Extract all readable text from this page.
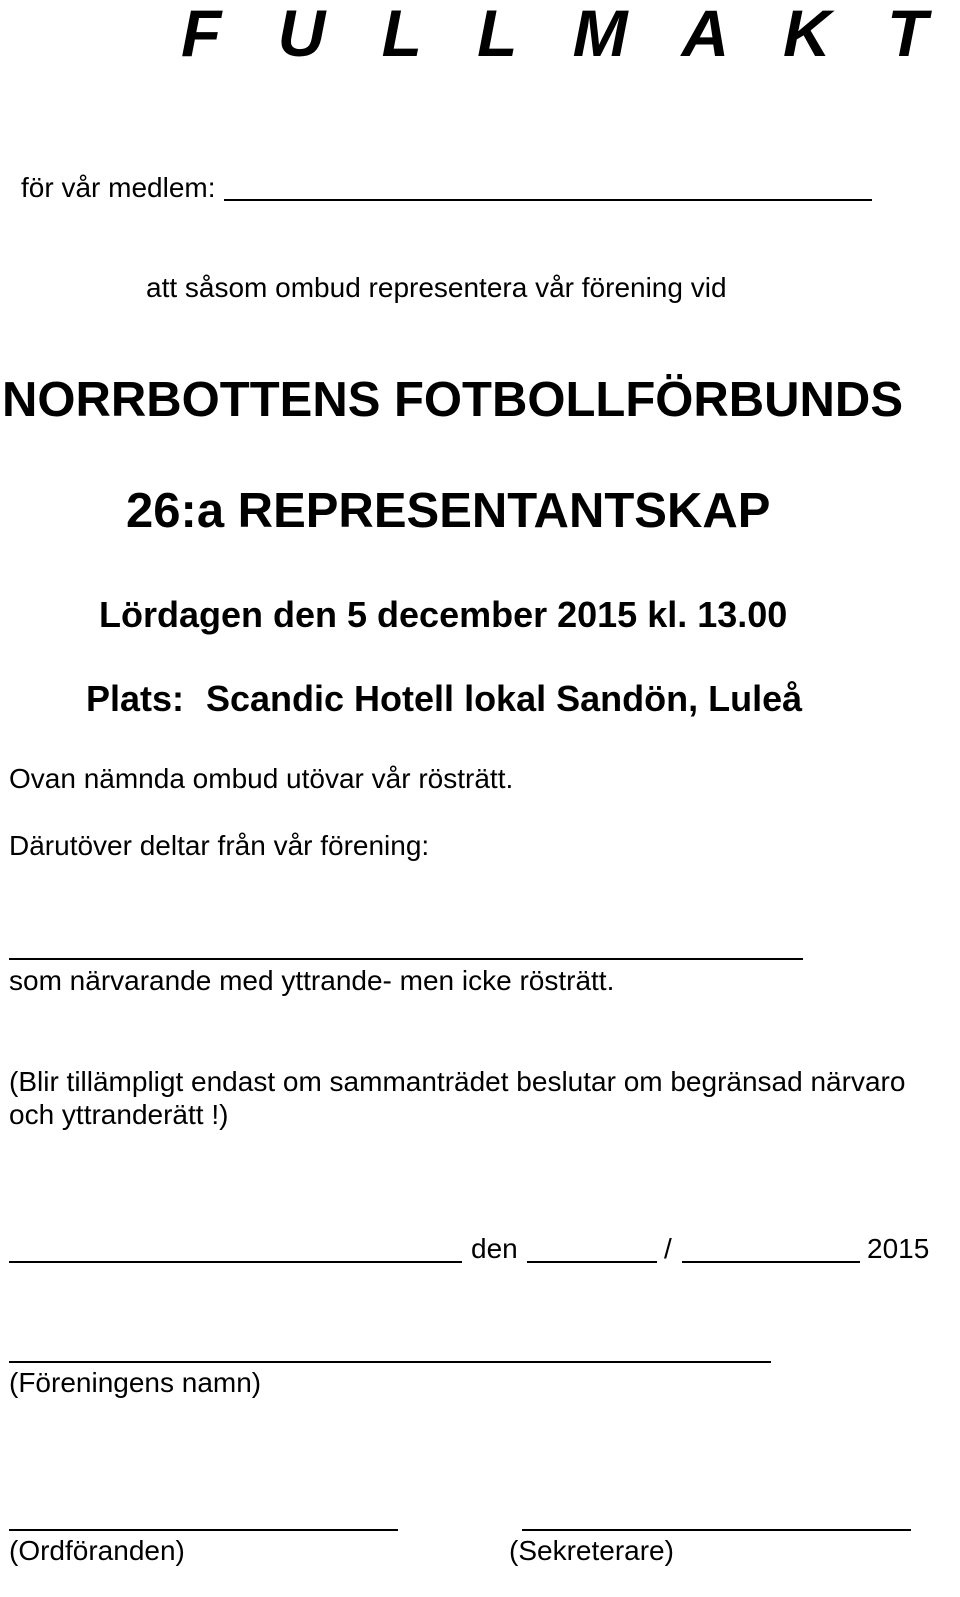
F U L L M A K T
för vår medlem:
att såsom ombud representera vår förening vid
NORRBOTTENS FOTBOLLFÖRBUNDS
26:a REPRESENTANTSKAP
Lördagen den 5 december 2015 kl. 13.00
Plats: Scandic Hotell lokal Sandön, Luleå
Ovan nämnda ombud utövar vår rösträtt.
Därutöver deltar från vår förening:
som närvarande med yttrande- men icke rösträtt.
(Blir tillämpligt endast om sammanträdet beslutar om begränsad närvaro
och yttranderätt !)
den	/	2015
(Föreningens namn)
(Ordföranden)	(Sekreterare)
